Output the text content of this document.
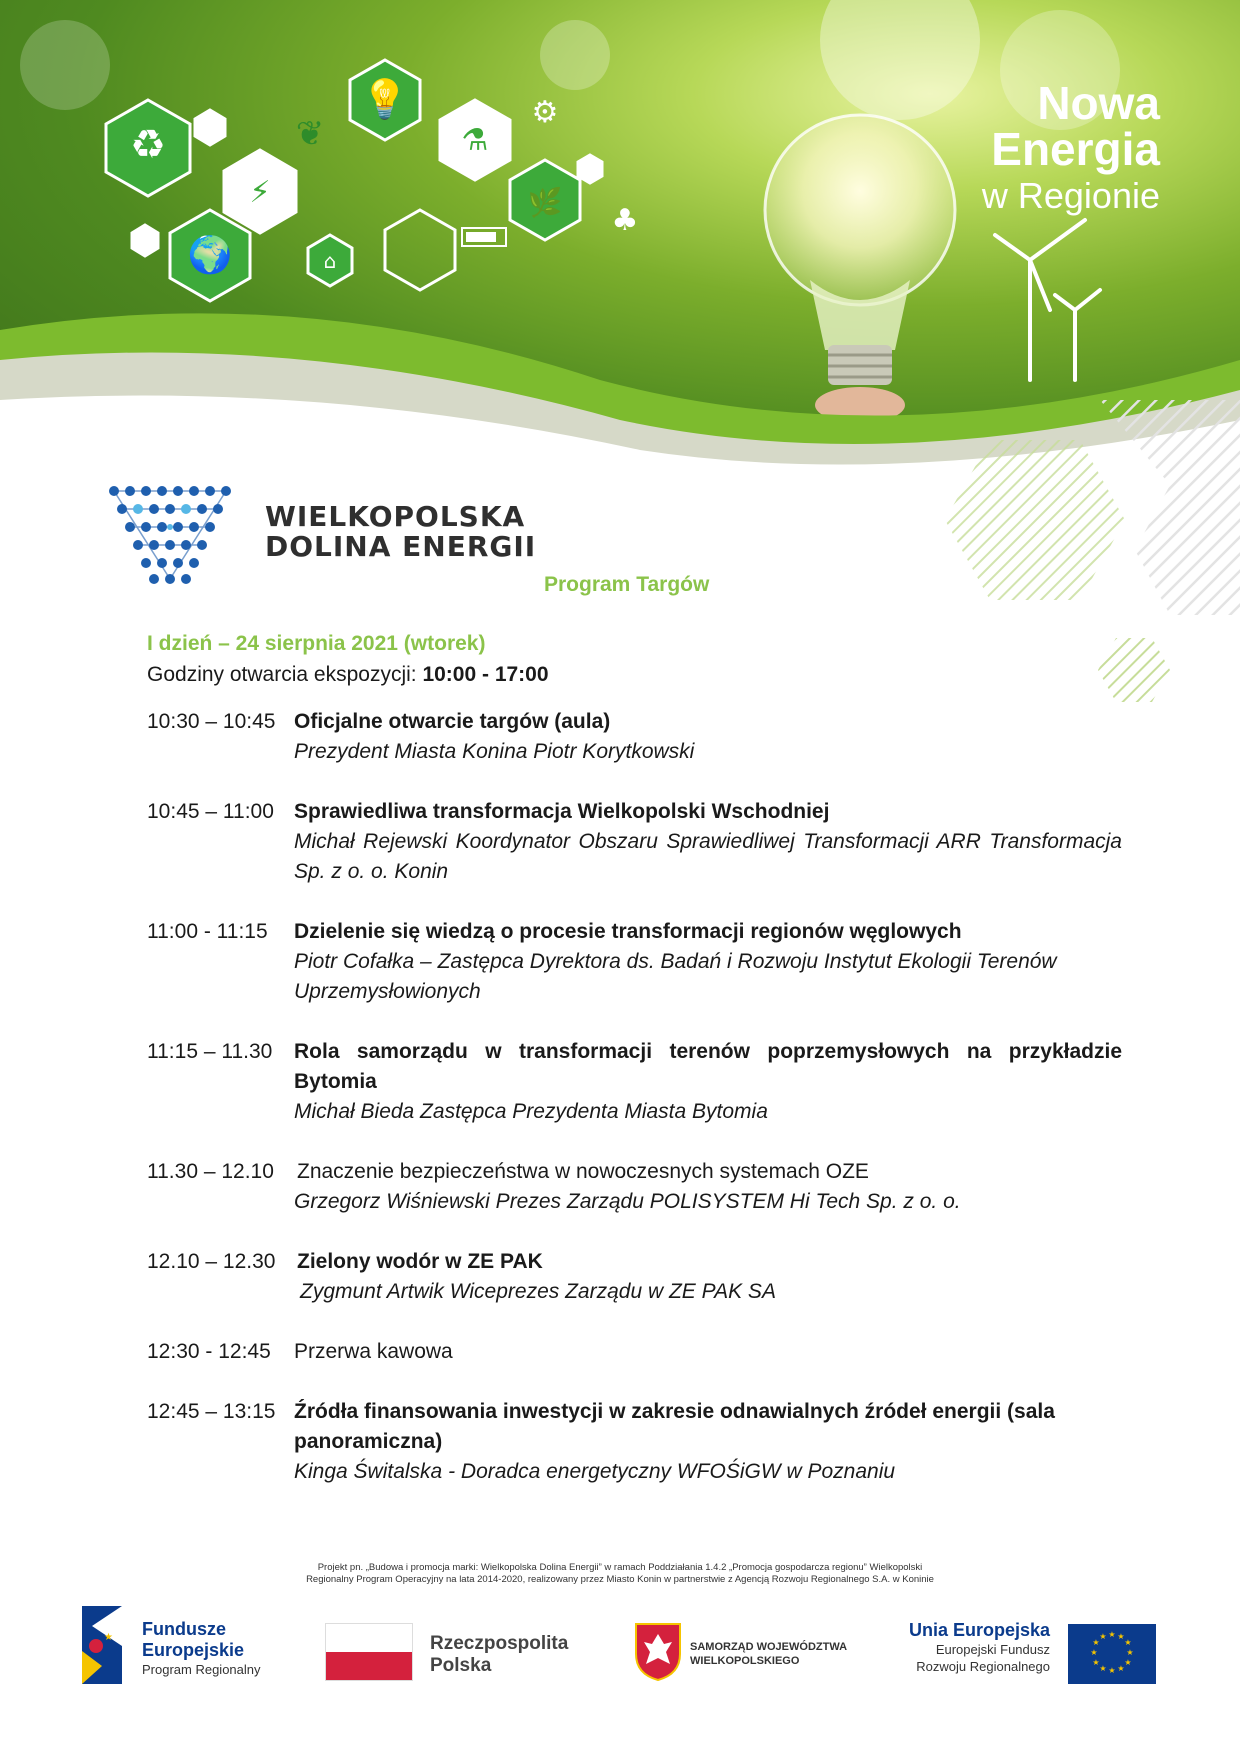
♻
💡
⚡
⚗
🌍
🌿
⌂
⚙
♣
❦
Nowa
Energia
w Regionie
WIELKOPOLSKA
DOLINA ENERGII
Program Targów
I dzień – 24 sierpnia 2021 (wtorek)
Godziny otwarcia ekspozycji: 10:00 - 17:00
10:30 – 10:45 Oficjalne otwarcie targów (aula)
Prezydent Miasta Konina Piotr Korytkowski
10:45 – 11:00 Sprawiedliwa transformacja Wielkopolski Wschodniej
Michał Rejewski Koordynator Obszaru Sprawiedliwej Transformacji ARR Transformacja Sp. z o. o. Konin
11:00 - 11:15	Dzielenie się wiedzą o procesie transformacji regionów węglowych
Piotr Cofałka – Zastępca Dyrektora ds. Badań i Rozwoju Instytut Ekologii Terenów Uprzemysłowionych
11:15 – 11.30	Rola samorządu w transformacji terenów poprzemysłowych na przykładzie Bytomia
Michał Bieda Zastępca Prezydenta Miasta Bytomia
11.30 – 12.10	Znaczenie bezpieczeństwa w nowoczesnych systemach OZE
Grzegorz Wiśniewski Prezes Zarządu POLISYSTEM Hi Tech Sp. z o. o.
12.10 – 12.30	Zielony wodór w ZE PAK
Zygmunt Artwik Wiceprezes Zarządu w ZE PAK SA
12:30 - 12:45	Przerwa kawowa
12:45 – 13:15 Źródła finansowania inwestycji w zakresie odnawialnych źródeł energii (sala panoramiczna)
Kinga Świtalska - Doradca energetyczny WFOŚiGW w Poznaniu
Projekt pn. „Budowa i promocja marki: Wielkopolska Dolina Energii” w ramach Poddziałania 1.4.2 „Promocja gospodarcza regionu” Wielkopolski
Regionalny Program Operacyjny na lata 2014-2020, realizowany przez Miasto Konin w partnerstwie z Agencją Rozwoju Regionalnego S.A. w Koninie
★ Fundusze
Europejskie
Program Regionalny
Rzeczpospolita
Polska
SAMORZĄD WOJEWÓDZTWA
WIELKOPOLSKIEGO
Unia Europejska
Europejski Fundusz
Rozwoju Regionalnego
★ ★
★
★
★
★
★
★
★
★
★
★
